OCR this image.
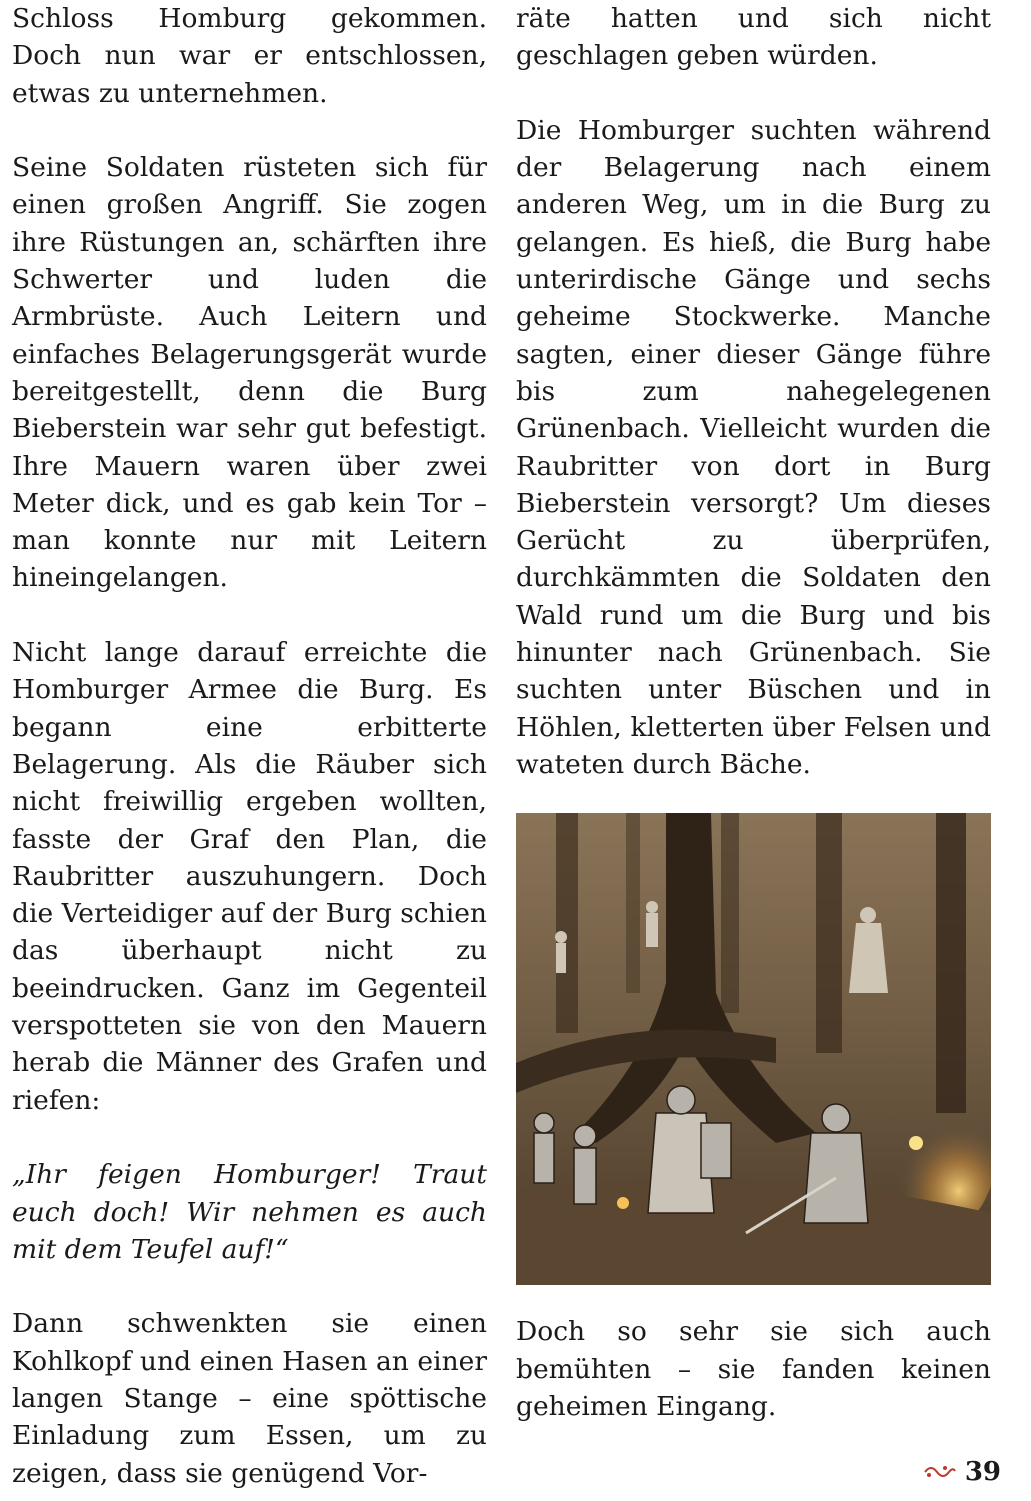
Schloss Homburg gekommen. Doch nun war er entschlossen, etwas zu unternehmen.

Seine Soldaten rüsteten sich für einen großen Angriff. Sie zogen ihre Rüstungen an, schärften ihre Schwerter und luden die Armbrüste. Auch Leitern und einfaches Belagerungsgerät wurde bereitgestellt, denn die Burg Bieberstein war sehr gut befestigt. Ihre Mauern waren über zwei Meter dick, und es gab kein Tor – man konnte nur mit Leitern hineingelangen.

Nicht lange darauf erreichte die Homburger Armee die Burg. Es begann eine erbitterte Belagerung. Als die Räuber sich nicht freiwillig ergeben wollten, fasste der Graf den Plan, die Raubritter auszuhungern. Doch die Verteidiger auf der Burg schien das überhaupt nicht zu beeindrucken. Ganz im Gegenteil verspotteten sie von den Mauern herab die Männer des Grafen und riefen:

„Ihr feigen Homburger! Traut euch doch! Wir nehmen es auch mit dem Teufel auf!“

Dann schwenkten sie einen Kohlkopf und einen Hasen an einer langen Stange – eine spöttische Einladung zum Essen, um zu zeigen, dass sie genügend Vor-

räte hatten und sich nicht geschlagen geben würden.

Die Homburger suchten während der Belagerung nach einem anderen Weg, um in die Burg zu gelangen. Es hieß, die Burg habe unterirdische Gänge und sechs geheime Stockwerke. Manche sagten, einer dieser Gänge führe bis zum nahegelegenen Grünenbach. Vielleicht wurden die Raubritter von dort in Burg Bieberstein versorgt? Um dieses Gerücht zu überprüfen, durchkämmten die Soldaten den Wald rund um die Burg und bis hinunter nach Grünenbach. Sie suchten unter Büschen und in Höhlen, kletterten über Felsen und wateten durch Bäche.

Doch so sehr sie sich auch bemühten – sie fanden keinen geheimen Eingang.

39
